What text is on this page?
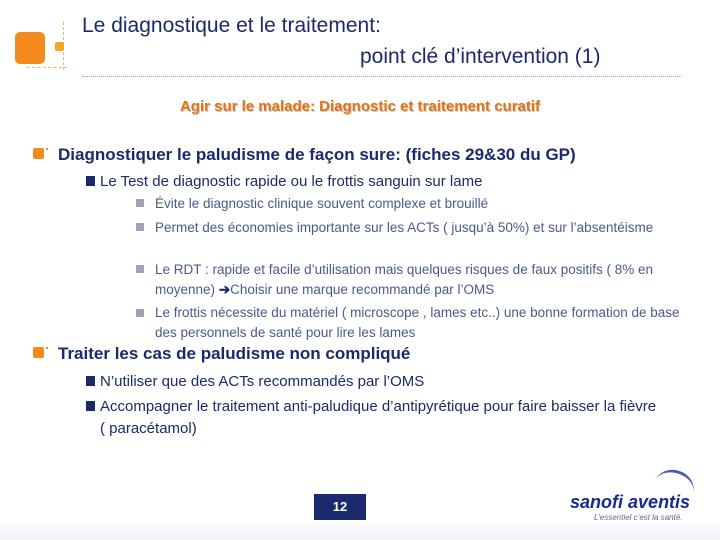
Le diagnostique et le traitement:
point clé d’intervention (1)
Agir sur le malade: Diagnostic et traitement curatif
Diagnostiquer le paludisme de façon sure: (fiches 29&30 du GP)
Le Test de diagnostic rapide ou le frottis sanguin sur lame
Évite le diagnostic clinique souvent complexe et brouillé
Permet des économies importante sur les ACTs ( jusqu’à 50%) et sur l’absentéisme
Le RDT : rapide et facile d’utilisation mais quelques risques de faux positifs ( 8% en moyenne) ➔Choisir une marque recommandé par l’OMS
Le frottis nécessite du matériel ( microscope , lames etc..) une bonne formation de base des personnels de santé pour lire les lames
Traiter les cas de paludisme non compliqué
N’utiliser que des ACTs recommandés par l’OMS
Accompagner le traitement anti-paludique d’antipyrétique pour faire baisser la fièvre ( paracétamol)
12	sanofi aventis
L’essentiel c’est la santé.
